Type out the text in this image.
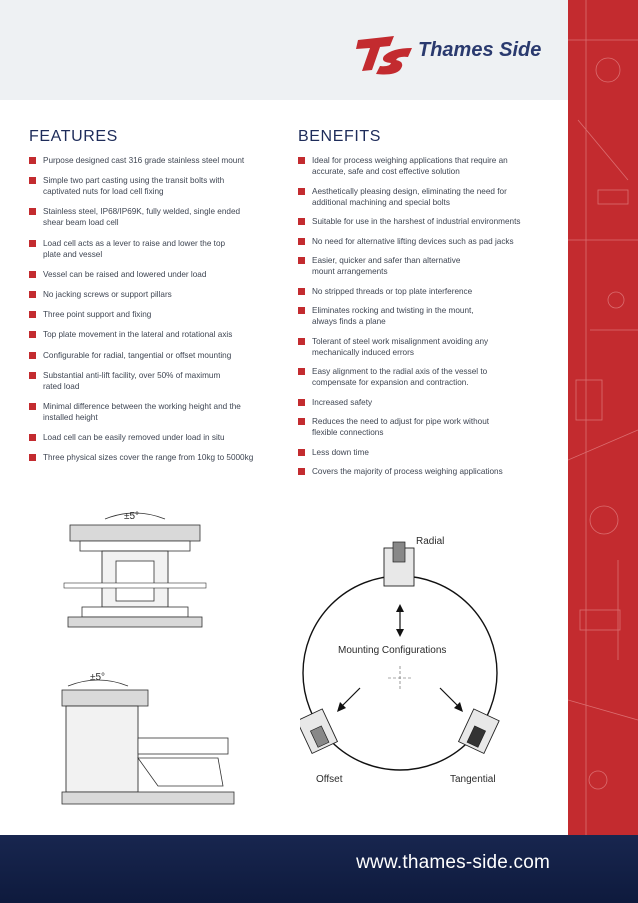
Thames Side
FEATURES	BENEFITS
Purpose designed cast 316 grade stainless steel mount
Simple two part casting using the transit bolts with
captivated nuts for load cell fixing
Stainless steel, IP68/IP69K, fully welded, single ended
shear beam load cell
Load cell acts as a lever to raise and lower the top
plate and vessel
Vessel can be raised and lowered under load
No jacking screws or support pillars
Three point support and fixing
Top plate movement in the lateral and rotational axis
Configurable for radial, tangential or offset mounting
Substantial anti-lift facility, over 50% of maximum
rated load
Minimal difference between the working height and the
installed height
Load cell can be easily removed under load in situ
Three physical sizes cover the range from 10kg to 5000kg
Ideal for process weighing applications that require an
accurate, safe and cost effective solution
Aesthetically pleasing design, eliminating the need for
additional machining and special bolts
Suitable for use in the harshest of industrial environments
No need for alternative lifting devices such as pad jacks
Easier, quicker and safer than alternative
mount arrangements
No stripped threads or top plate interference
Eliminates rocking and twisting in the mount,
always finds a plane
Tolerant of steel work misalignment avoiding any
mechanically induced errors
Easy alignment to the radial axis of the vessel to
compensate for expansion and contraction.
Increased safety
Reduces the need to adjust for pipe work without
flexible connections
Less down time
Covers the majority of process weighing applications
±5°
±5°
Radial
Mounting Configurations
Offset	Tangential
www.thames-side.com
